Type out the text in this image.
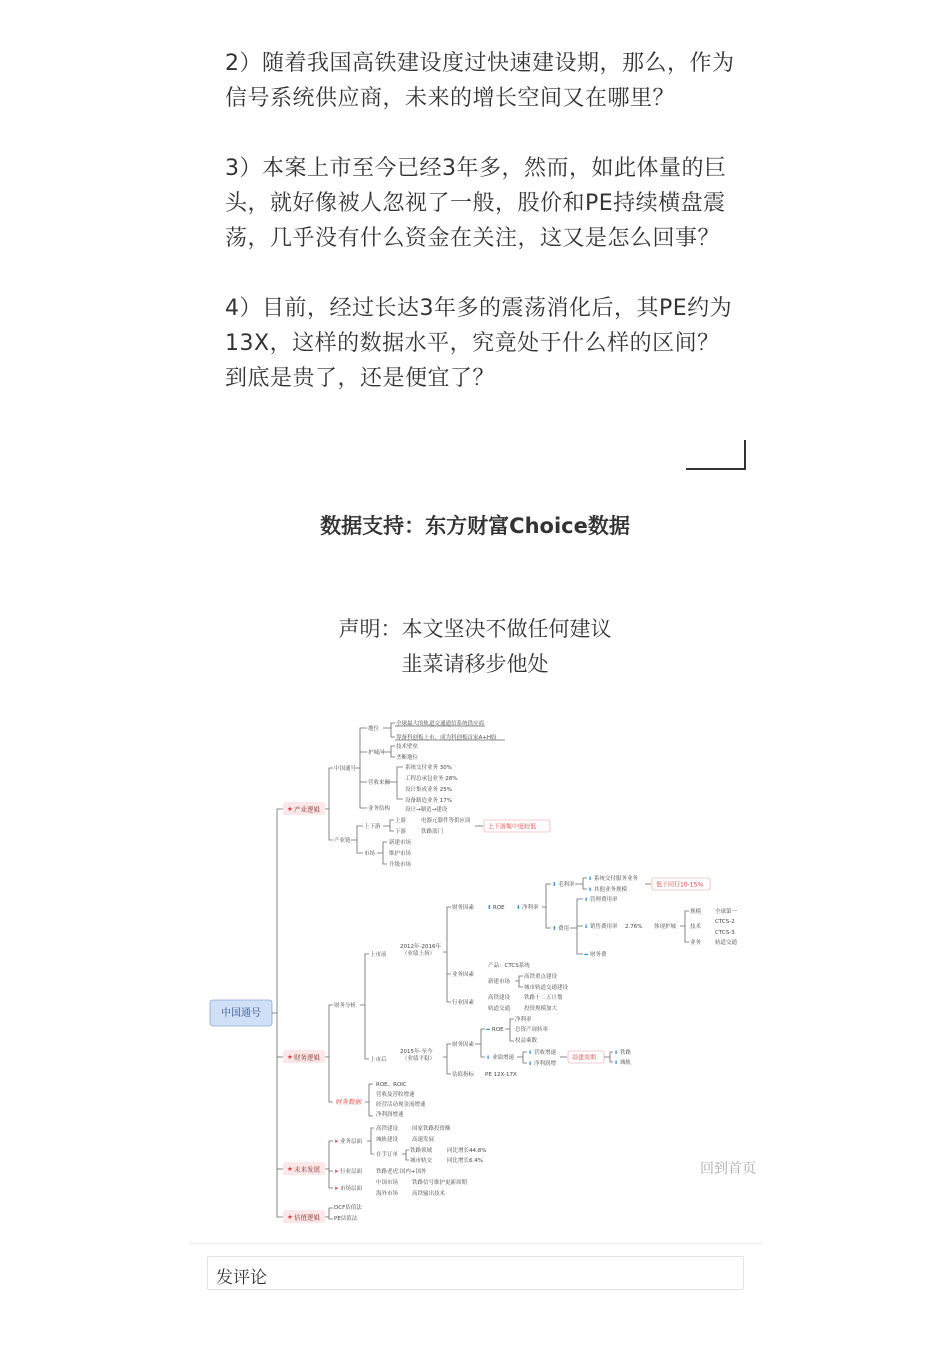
2）随着我国高铁建设度过快速建设期，那么，作为信号系统供应商，未来的增长空间又在哪里？
3）本案上市至今已经3年多，然而，如此体量的巨头，就好像被人忽视了一般，股价和PE持续横盘震荡，几乎没有什么资金在关注，这又是怎么回事？
4）目前，经过长达3年多的震荡消化后，其PE约为13X，这样的数据水平，究竟处于什么样的区间？到底是贵了，还是便宜了？
数据支持：东方财富Choice数据
声明：本文坚决不做任何建议
韭菜请移步他处
中国通号
★ 产业逻辑
★ 财务逻辑
★ 未来发展
★ 估值逻辑
中国通号
产业链
地位
护城河
营收来源
业务结构
全球最大的轨道交通通信系统供应商
筹备科创板上市，成为科创板首家A+H股
技术壁垒
垄断地位
系统交付业务 30%
工程总承包业务 28%
设计集成业务 25%
设备制造业务 17%
设计→制造→建设
上下游
市场
上游	电器元器件等供应商
下游	铁路部门
上下游集中度较低
新建市场
维护市场
升级市场
财务分析
财务数据
上市前
上市后
2012年-2016年
（业绩上扬）
财务因素
业务因素
行业因素
⬆ ROE ⬇ 净利率
⬇ 毛利率
⬆ 费用
⬇ 系统交付服务业务
⬆ 其他业务规模
低于同行10-15%
⬆ 管理费用率
⬇ 销售费用率 2.76% 体现护城
➡ 财务费
规模
技术
业务
全球第一
CTCS-2
CTCS-3
轨道交通
产品：CTCS系统
新建市场
高铁重点建设
城市轨道交通建设
高铁建设
轨道交通
铁路十二五计划
投资规模加大
2015年-至今
（业绩平稳）
财务因素
估值指标 PE 12X-17X
➡ ROE
净利率
总资产周转率
权益乘数
⬇ 业绩增速
⬇ 营收增速
⬇ 净利润增
基建周期
⬇ 铁路
⬇ 城轨
ROE、ROIC
营收及营收增速
经营活动现金流增速
净利润增速
➤ 业务层面
➤ 行业层面
➤ 市场层面
高铁建设
城轨建设
在手订单
国家铁路投资额
高速发展
铁路领域
城市轨交
同比增长44.8%
同比增长6.4%
铁路老虎:国内+国外
中国市场
海外市场
铁路信号维护更新周期
高铁输出技术
DCF估值法
PE估值法
回到首页
发评论
